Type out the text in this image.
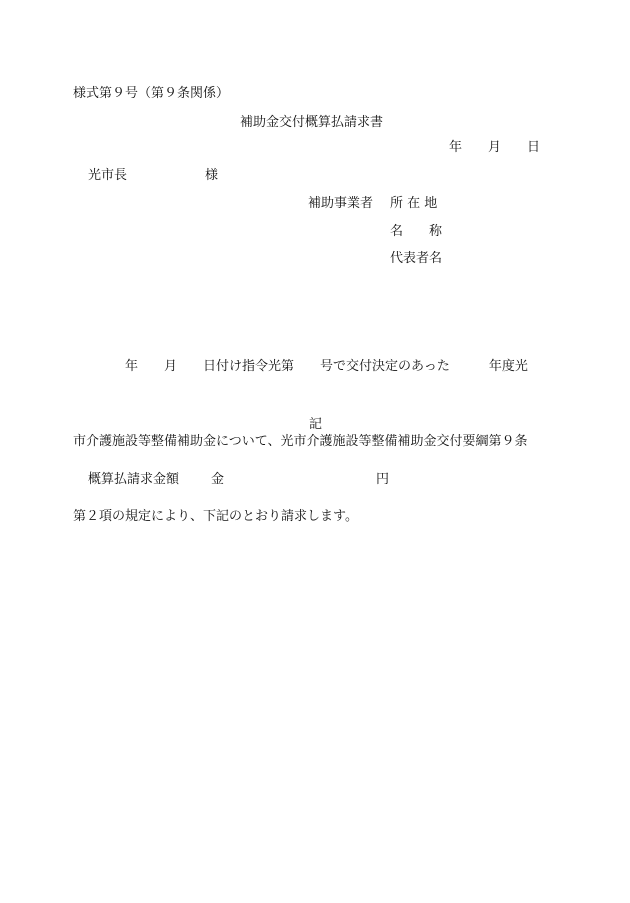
様式第９号（第９条関係）
補助金交付概算払請求書
年　　月　　日
光市長　　　　　　様
補助事業者 所 在 地
名　　称
代表者名

　　　　年　　月　　日付け指令光第　　号で交付決定のあった　　　年度光

市介護施設等整備補助金について、光市介護施設等整備補助金交付要綱第９条

第２項の規定により、下記のとおり請求します。

記
概算払請求金額 金	円
